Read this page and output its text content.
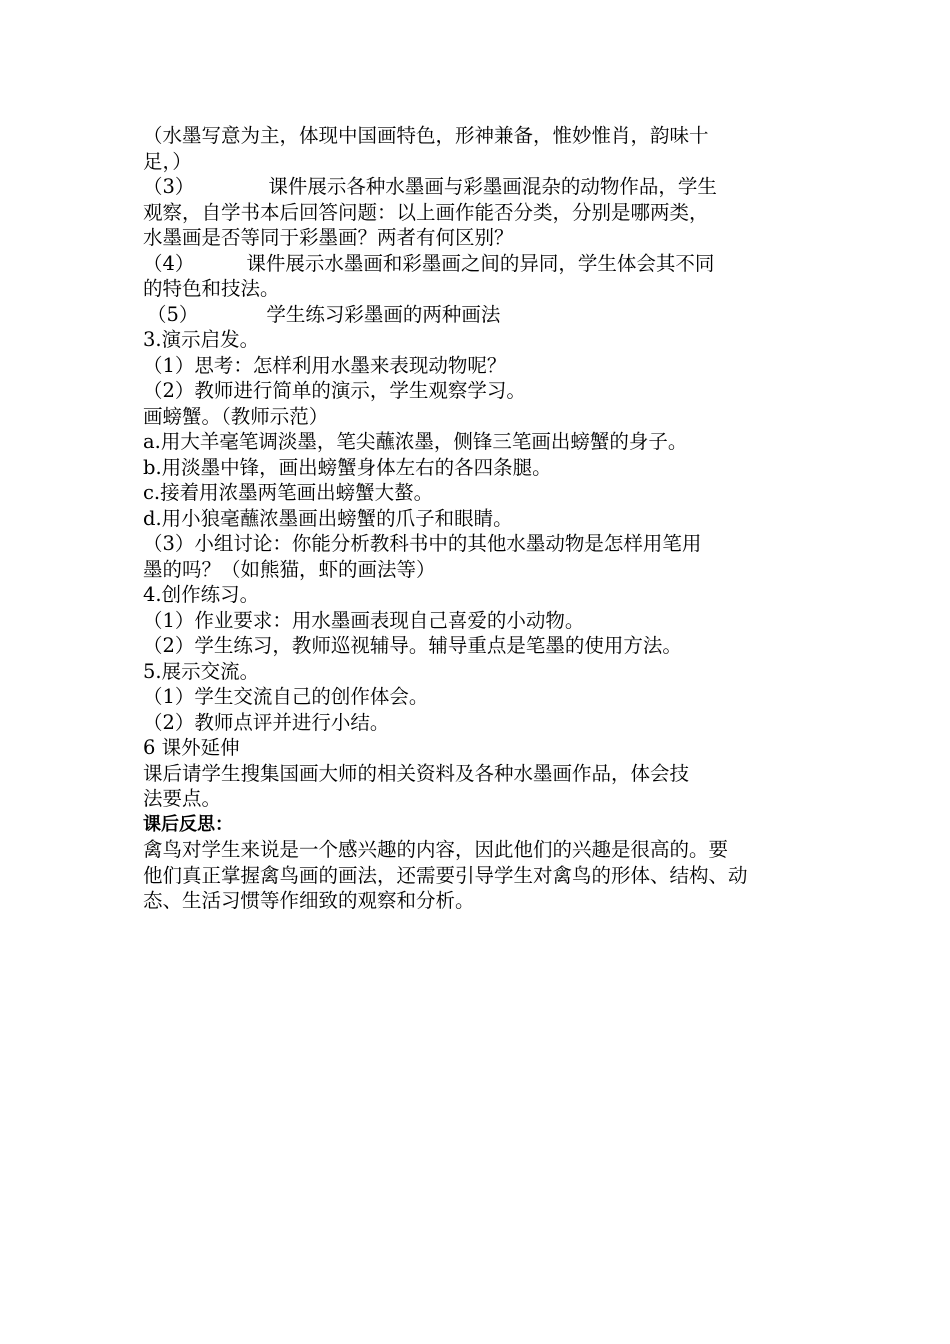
（水墨写意为主，体现中国画特色，形神兼备，惟妙惟肖，韵味十
足，）
（3）	课件展示各种水墨画与彩墨画混杂的动物作品，学生
观察，自学书本后回答问题：以上画作能否分类，分别是哪两类，
水墨画是否等同于彩墨画？两者有何区别？
（4）	课件展示水墨画和彩墨画之间的异同，学生体会其不同
的特色和技法。
（5）	学生练习彩墨画的两种画法
3.演示启发。
（1）思考：怎样利用水墨来表现动物呢？
（2）教师进行简单的演示，学生观察学习。
画螃蟹。（教师示范）
a.用大羊毫笔调淡墨，笔尖蘸浓墨，侧锋三笔画出螃蟹的身子。
b.用淡墨中锋，画出螃蟹身体左右的各四条腿。
c.接着用浓墨两笔画出螃蟹大螯。
d.用小狼毫蘸浓墨画出螃蟹的爪子和眼睛。
（3）小组讨论：你能分析教科书中的其他水墨动物是怎样用笔用
墨的吗？（如熊猫，虾的画法等）
4.创作练习。
（1）作业要求：用水墨画表现自己喜爱的小动物。
（2）学生练习，教师巡视辅导。辅导重点是笔墨的使用方法。
5.展示交流。
（1）学生交流自己的创作体会。
（2）教师点评并进行小结。
6 课外延伸
课后请学生搜集国画大师的相关资料及各种水墨画作品，体会技
法要点。
课后反思：
禽鸟对学生来说是一个感兴趣的内容，因此他们的兴趣是很高的。要
他们真正掌握禽鸟画的画法，还需要引导学生对禽鸟的形体、结构、动
态、生活习惯等作细致的观察和分析。
